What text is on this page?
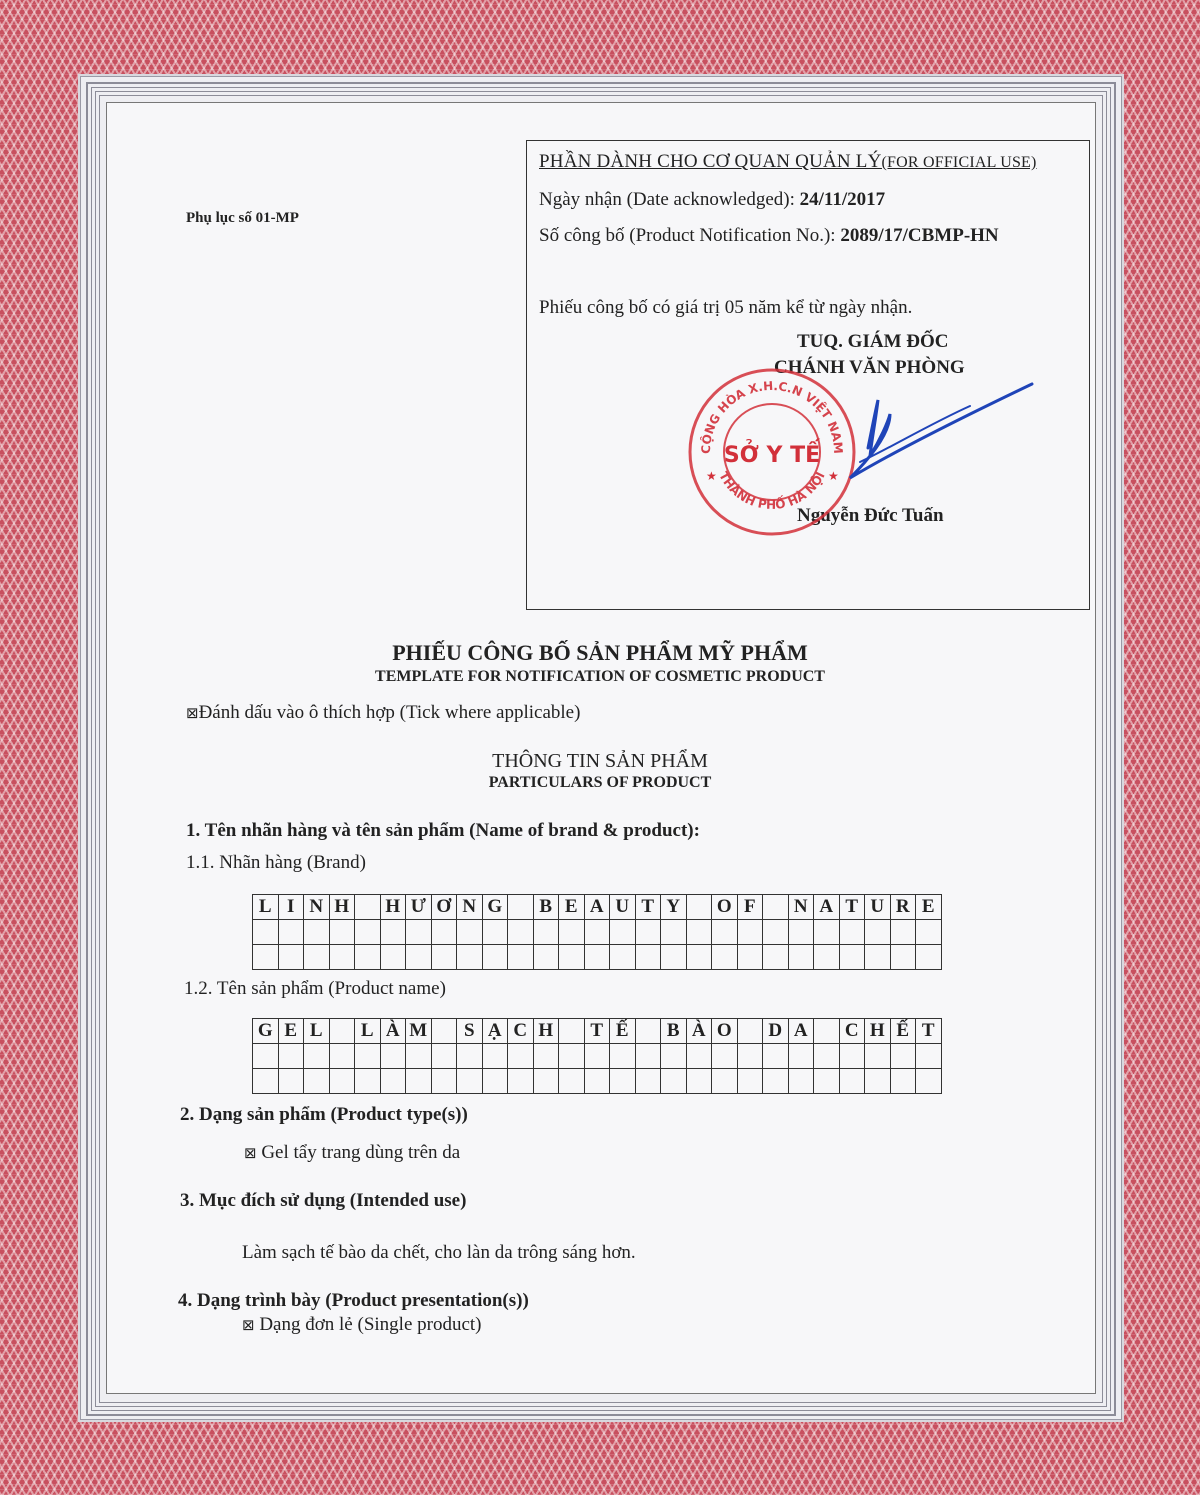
Phụ lục số 01-MP
PHẦN DÀNH CHO CƠ QUAN QUẢN LÝ(FOR OFFICIAL USE)
Ngày nhận (Date acknowledged): 24/11/2017
Số công bố (Product Notification No.): 2089/17/CBMP-HN
Phiếu công bố có giá trị 05 năm kể từ ngày nhận.
TUQ. GIÁM ĐỐC
CHÁNH VĂN PHÒNG
Nguyễn Đức Tuấn
CỘNG HÒA X.H.C.N VIỆT NAM
THÀNH PHỐ HÀ NỘI
SỞ Y TẾ
★	★
PHIẾU CÔNG BỐ SẢN PHẨM MỸ PHẨM
TEMPLATE FOR NOTIFICATION OF COSMETIC PRODUCT
⊠Đánh dấu vào ô thích hợp (Tick where applicable)
THÔNG TIN SẢN PHẨM
PARTICULARS OF PRODUCT
1. Tên nhãn hàng và tên sản phẩm (Name of brand & product):
1.1. Nhãn hàng (Brand)
L	I	N	H		H	Ư	Ơ	N	G		B	E	A	U	T	Y		O	F		N	A	T	U	R	E

1.2. Tên sản phẩm (Product name)
G	E	L		L	À	M		S	Ạ	C	H		T	Ế		B	À	O		D	A		C	H	Ế	T

2. Dạng sản phẩm (Product type(s))
⊠ Gel tẩy trang dùng trên da
3. Mục đích sử dụng (Intended use)
Làm sạch tế bào da chết, cho làn da trông sáng hơn.
4. Dạng trình bày (Product presentation(s))
⊠ Dạng đơn lẻ (Single product)
